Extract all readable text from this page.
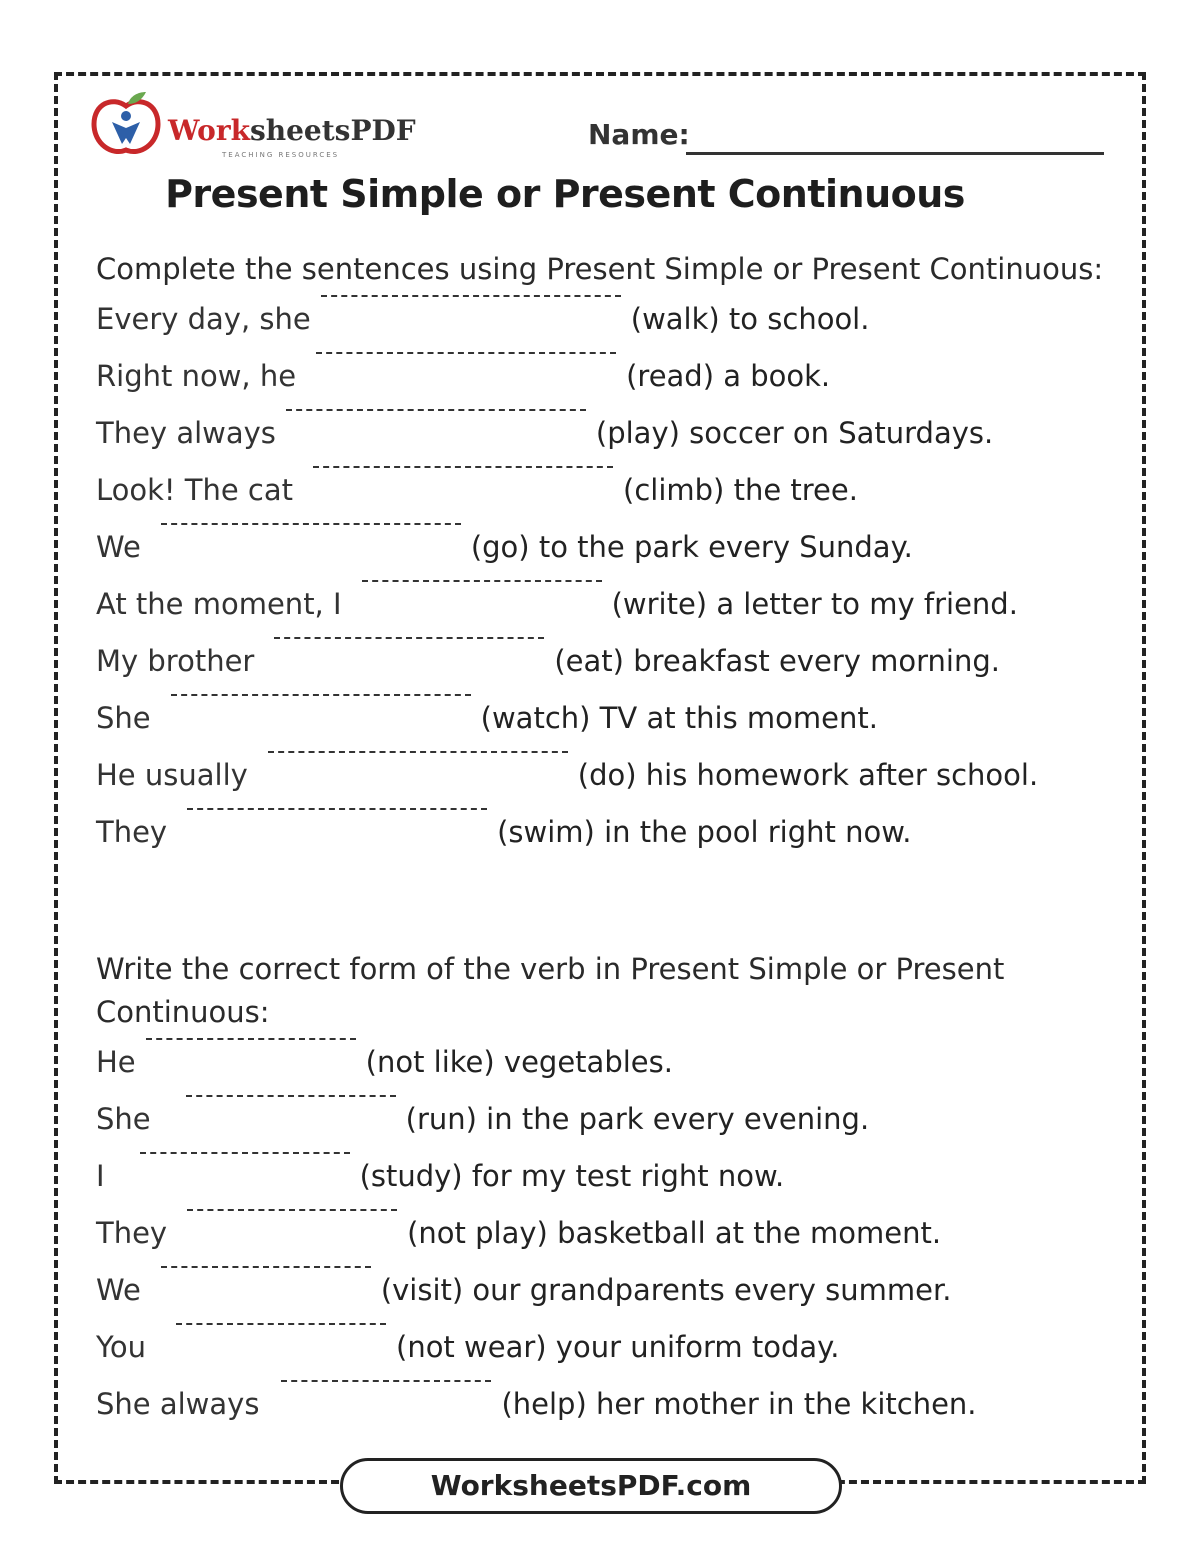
WorksheetsPDF
TEACHING RESOURCES
Name:
Present Simple or Present Continuous

Complete the sentences using Present Simple or Present Continuous:

Every day, she	(walk) to school.
Right now, he	(read) a book.
They always	(play) soccer on Saturdays.
Look! The cat	(climb) the tree.
We	(go) to the park every Sunday.
At the moment, I	(write) a letter to my friend.
My brother	(eat) breakfast every morning.
She	(watch) TV at this moment.
He usually	(do) his homework after school.
They	(swim) in the pool right now.

Write the correct form of the verb in Present Simple or Present Continuous:

He	(not like) vegetables.
She	(run) in the park every evening.
I	(study) for my test right now.
They	(not play) basketball at the moment.
We	(visit) our grandparents every summer.
You	(not wear) your uniform today.
She always	(help) her mother in the kitchen.
WorksheetsPDF.com
